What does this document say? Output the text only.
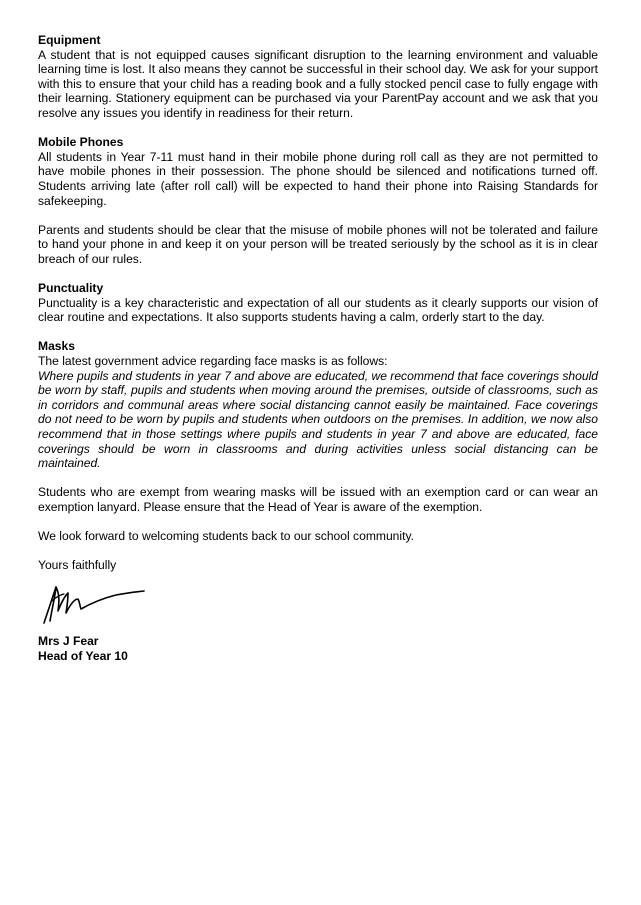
Equipment

A student that is not equipped causes significant disruption to the learning environment and valuable learning time is lost. It also means they cannot be successful in their school day. We ask for your support with this to ensure that your child has a reading book and a fully stocked pencil case to fully engage with their learning. Stationery equipment can be purchased via your ParentPay account and we ask that you resolve any issues you identify in readiness for their return.

Mobile Phones

All students in Year 7-11 must hand in their mobile phone during roll call as they are not permitted to have mobile phones in their possession. The phone should be silenced and notifications turned off. Students arriving late (after roll call) will be expected to hand their phone into Raising Standards for safekeeping.

Parents and students should be clear that the misuse of mobile phones will not be tolerated and failure to hand your phone in and keep it on your person will be treated seriously by the school as it is in clear breach of our rules.

Punctuality

Punctuality is a key characteristic and expectation of all our students as it clearly supports our vision of clear routine and expectations. It also supports students having a calm, orderly start to the day.

Masks

The latest government advice regarding face masks is as follows:

Where pupils and students in year 7 and above are educated, we recommend that face coverings should be worn by staff, pupils and students when moving around the premises, outside of classrooms, such as in corridors and communal areas where social distancing cannot easily be maintained. Face coverings do not need to be worn by pupils and students when outdoors on the premises. In addition, we now also recommend that in those settings where pupils and students in year 7 and above are educated, face coverings should be worn in classrooms and during activities unless social distancing can be maintained.

Students who are exempt from wearing masks will be issued with an exemption card or can wear an exemption lanyard. Please ensure that the Head of Year is aware of the exemption.

We look forward to welcoming students back to our school community.

Yours faithfully

Mrs J Fear

Head of Year 10
